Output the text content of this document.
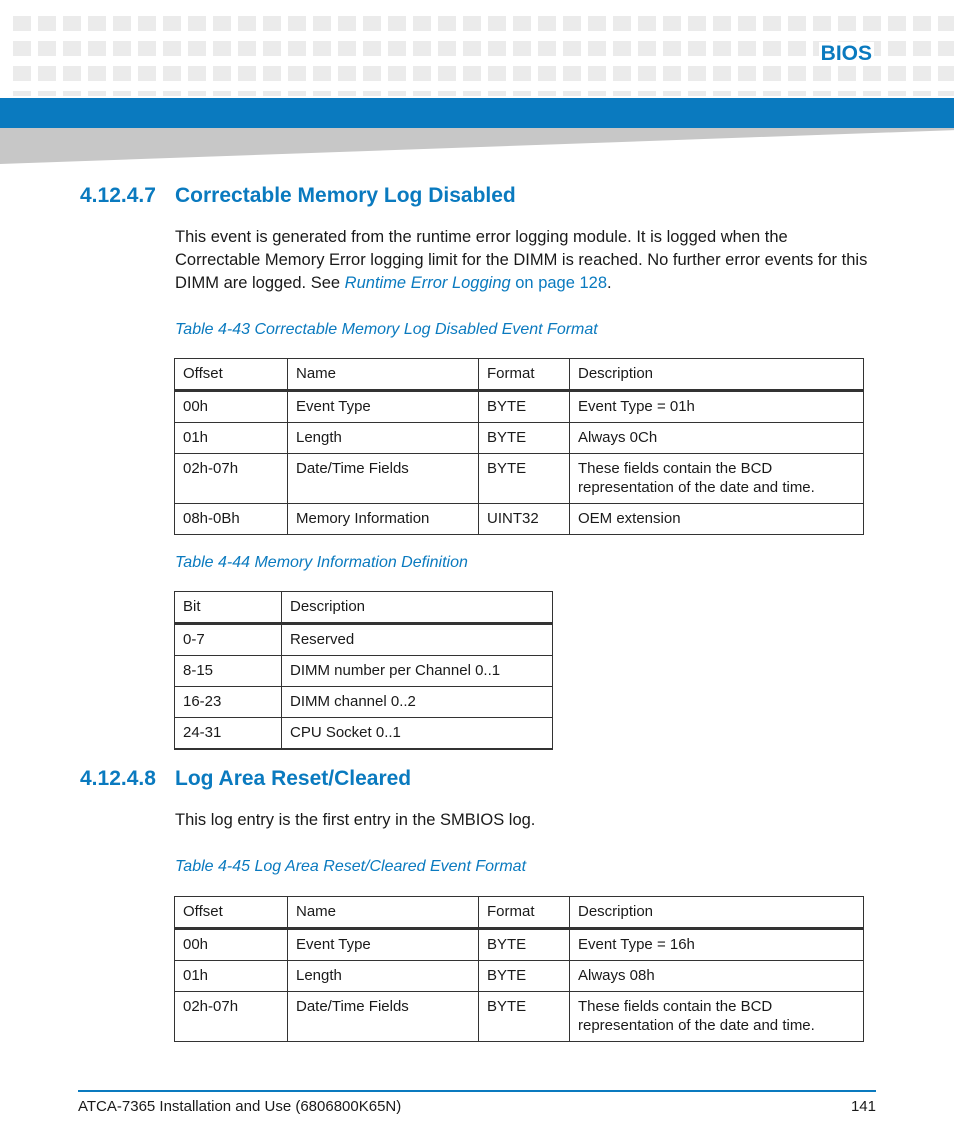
BIOS
4.12.4.7 Correctable Memory Log Disabled

This event is generated from the runtime error logging module. It is logged when the Correctable Memory Error logging limit for the DIMM is reached. No further error events for this DIMM are logged. See Runtime Error Logging on page 128.

Table 4-43 Correctable Memory Log Disabled Event Format

Offset	Name	Format	Description
00h	Event Type	BYTE	Event Type = 01h
01h	Length	BYTE	Always 0Ch
02h-07h	Date/Time Fields	BYTE	These fields contain the BCD representation of the date and time.
08h-0Bh	Memory Information	UINT32	OEM extension

Table 4-44 Memory Information Definition

Bit	Description
0-7	Reserved
8-15	DIMM number per Channel 0..1
16-23	DIMM channel 0..2
24-31	CPU Socket 0..1
4.12.4.8 Log Area Reset/Cleared

This log entry is the first entry in the SMBIOS log.

Table 4-45 Log Area Reset/Cleared Event Format

Offset	Name	Format	Description
00h	Event Type	BYTE	Event Type = 16h
01h	Length	BYTE	Always 08h
02h-07h	Date/Time Fields	BYTE	These fields contain the BCD representation of the date and time.
ATCA-7365 Installation and Use (6806800K65N)	141
